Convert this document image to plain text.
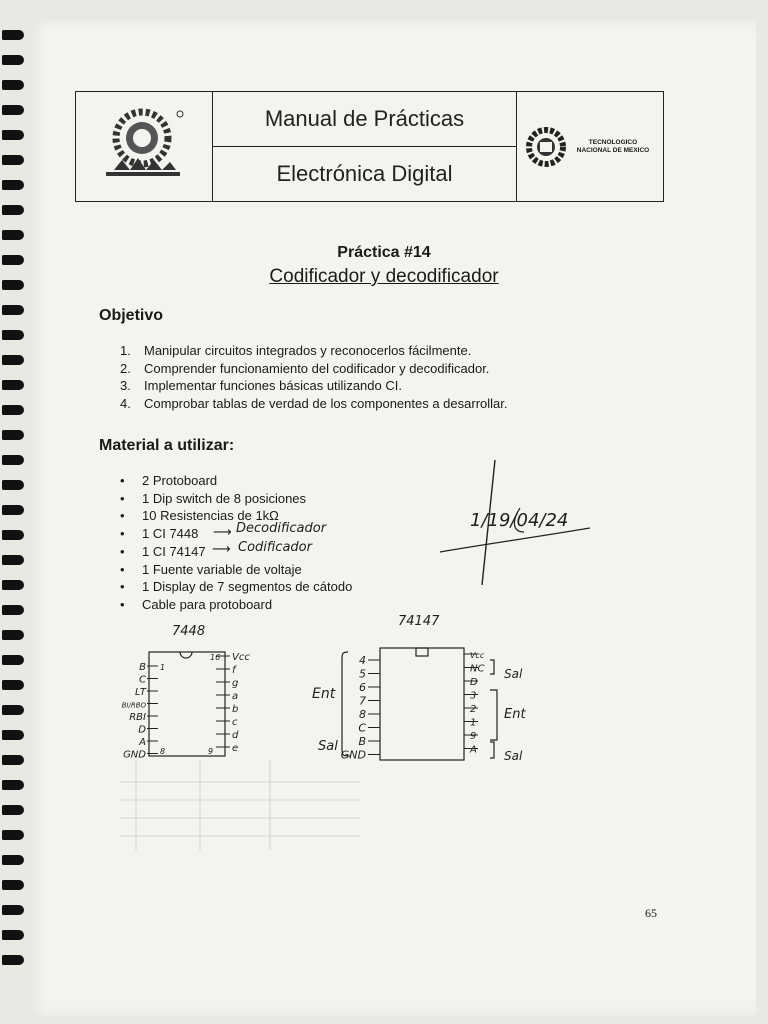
Manual de Prácticas
Electrónica Digital
TECNOLOGICO NACIONAL DE MEXICO
Práctica #14
Codificador y decodificador
Objetivo
1. Manipular circuitos integrados y reconocerlos fácilmente.
2. Comprender funcionamiento del codificador y decodificador.
3. Implementar funciones básicas utilizando CI.
4. Comprobar tablas de verdad de los componentes a desarrollar.
Material a utilizar:
• 2 Protoboard
• 1 Dip switch de 8 posiciones
• 10 Resistencias de 1kΩ
• 1 CI 7448
• 1 CI 74147
• 1 Fuente variable de voltaje
• 1 Display de 7 segmentos de cátodo
• Cable para protoboard
⟶ Decodificador
⟶ Codificador
1/19/04/24
7448
74147
B
C
LT
BI/RBO
RBI
D
A
GND
Vcc
f
g
a
b
c
d
e
1
8
16
9
4
5
6
7
8
C
B
GND
Vcc
NC
D
3
2
1
9
A
Ent
Sal
Sal
Ent
Sal
65
